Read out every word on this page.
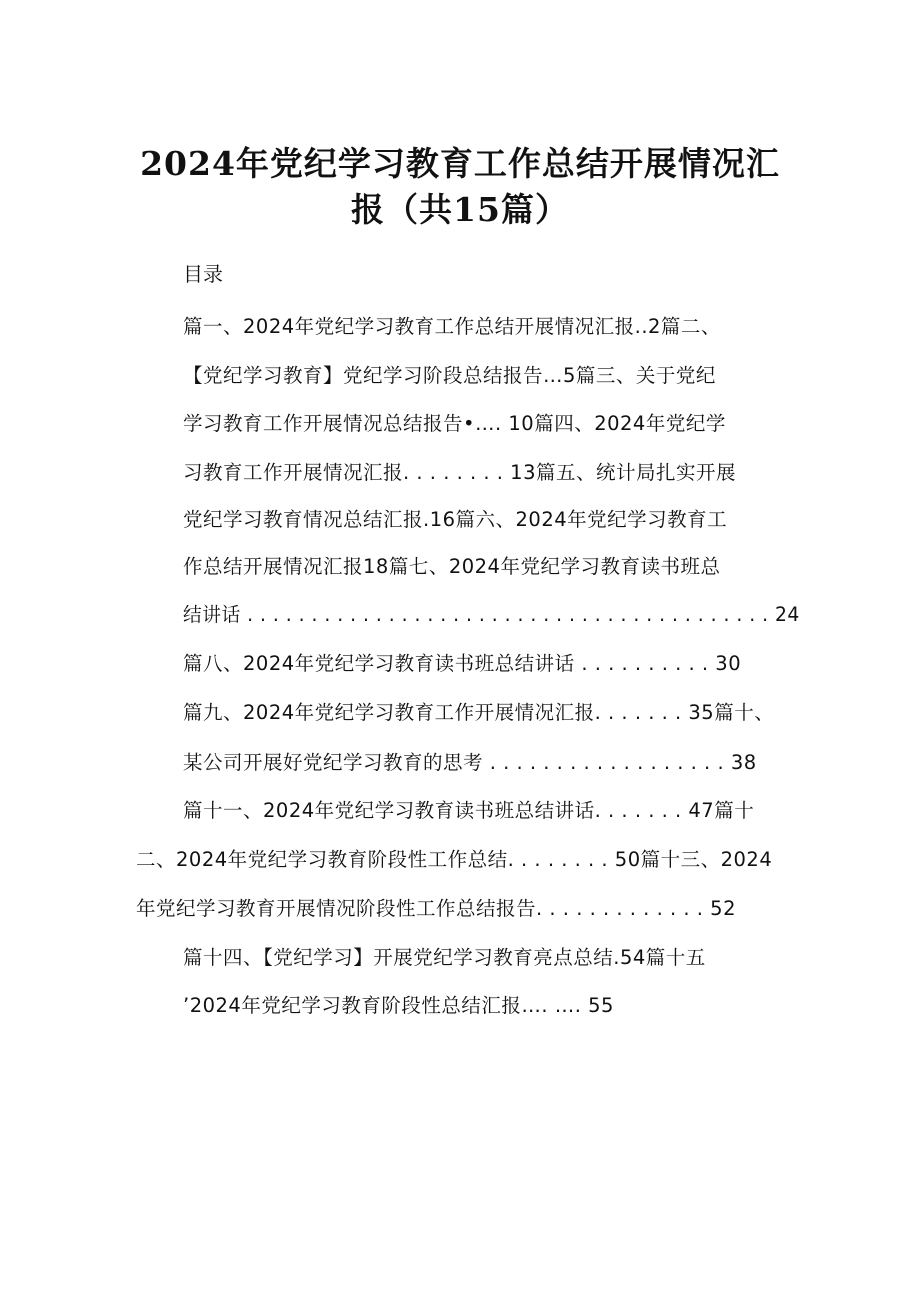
2024年党纪学习教育工作总结开展情况汇
报（共15篇）
目录
篇一、2024年党纪学习教育工作总结开展情况汇报..2篇二、
【党纪学习教育】党纪学习阶段总结报告…5篇三、关于党纪
学习教育工作开展情况总结报告•…. 10篇四、2024年党纪学
习教育工作开展情况汇报. . . . . . . . 13篇五、统计局扎实开展
党纪学习教育情况总结汇报.16篇六、2024年党纪学习教育工
作总结开展情况汇报18篇七、2024年党纪学习教育读书班总
结讲话 . . . . . . . . . . . . . . . . . . . . . . . . . . . . . . . . . . . . . . . . . 24
篇八、2024年党纪学习教育读书班总结讲话 . . . . . . . . . . 30
篇九、2024年党纪学习教育工作开展情况汇报. . . . . . . 35篇十、
某公司开展好党纪学习教育的思考 . . . . . . . . . . . . . . . . . . 38
篇十一、2024年党纪学习教育读书班总结讲话. . . . . . . 47篇十
二、2024年党纪学习教育阶段性工作总结. . . . . . . . 50篇十三、2024
年党纪学习教育开展情况阶段性工作总结报告. . . . . . . . . . . . . 52
篇十四、【党纪学习】开展党纪学习教育亮点总结.54篇十五
’2024年党纪学习教育阶段性总结汇报…. …. 55
